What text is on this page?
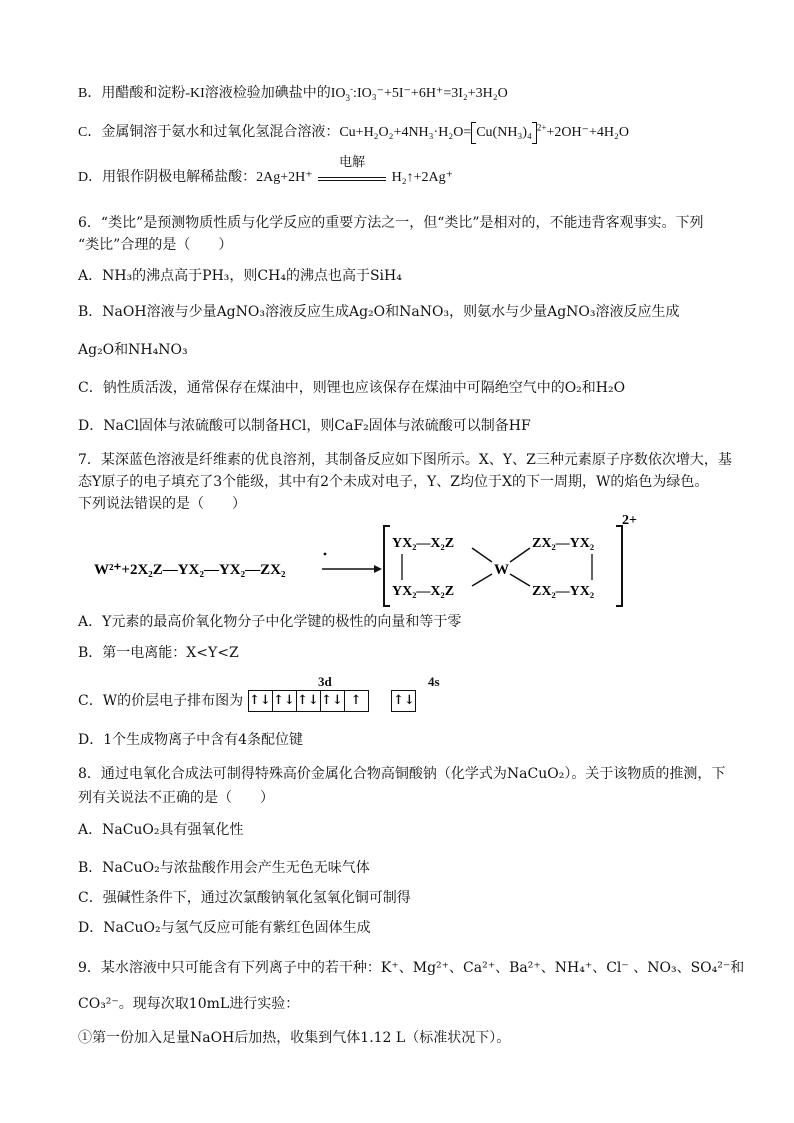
B．用醋酸和淀粉-KI溶液检验加碘盐中的$IO_3^-:IO_3^-+5I^-+6H^+=3I_2+3H_2O$
C．金属铜溶于氨水和过氧化氢混合溶液：Cu+H₂O₂+4NH₃·H₂O= Cu(NH₃)₄ $^{2+}$+2OH⁻+4H₂O
D．用银作阴极电解稀盐酸：2Ag+2H⁺
电解
H₂↑+2Ag⁺
6．“类比”是预测物质性质与化学反应的重要方法之一，但“类比”是相对的，不能违背客观事实。下列
“类比”合理的是（　　）
A．NH₃的沸点高于PH₃，则CH₄的沸点也高于SiH₄
B．NaOH溶液与少量AgNO₃溶液反应生成Ag₂O和NaNO₃，则氨水与少量AgNO₃溶液反应生成
Ag₂O和NH₄NO₃
C．钠性质活泼，通常保存在煤油中，则锂也应该保存在煤油中可隔绝空气中的O₂和H₂O
D．NaCl固体与浓硫酸可以制备HCl，则CaF₂固体与浓硫酸可以制备HF
7．某深蓝色溶液是纤维素的优良溶剂，其制备反应如下图所示。X、Y、Z三种元素原子序数依次增大，基
态Y原子的电子填充了3个能级，其中有2个未成对电子，Y、Z均位于X的下一周期，W的焰色为绿色。
下列说法错误的是（　　）
W²⁺+2X₂Z—YX₂—YX₂—ZX₂
2+
YX₂—X₂Z
YX₂—X₂Z
W
ZX₂—YX₂
ZX₂—YX₂
A．Y元素的最高价氧化物分子中化学键的极性的向量和等于零
B．第一电离能：X<Y<Z
C．W的价层电子排布图为 ↑↓ ↑↓ ↑↓ ↑↓ ↑
	↑↓
3d	4s
D．1个生成物离子中含有4条配位键
8．通过电氧化合成法可制得特殊高价金属化合物高铜酸钠（化学式为NaCuO₂）。关于该物质的推测，下
列有关说法不正确的是（　　）
A．NaCuO₂具有强氧化性
B．NaCuO₂与浓盐酸作用会产生无色无味气体
C．强碱性条件下，通过次氯酸钠氧化氢氧化铜可制得
D．NaCuO₂与氢气反应可能有紫红色固体生成
9．某水溶液中只可能含有下列离子中的若干种：K⁺、Mg²⁺、Ca²⁺、Ba²⁺、NH₄⁺、Cl⁻ 、NO₃、SO₄²⁻和
CO₃²⁻。现每次取10mL进行实验：
①第一份加入足量NaOH后加热，收集到气体1.12 L（标准状况下）。
